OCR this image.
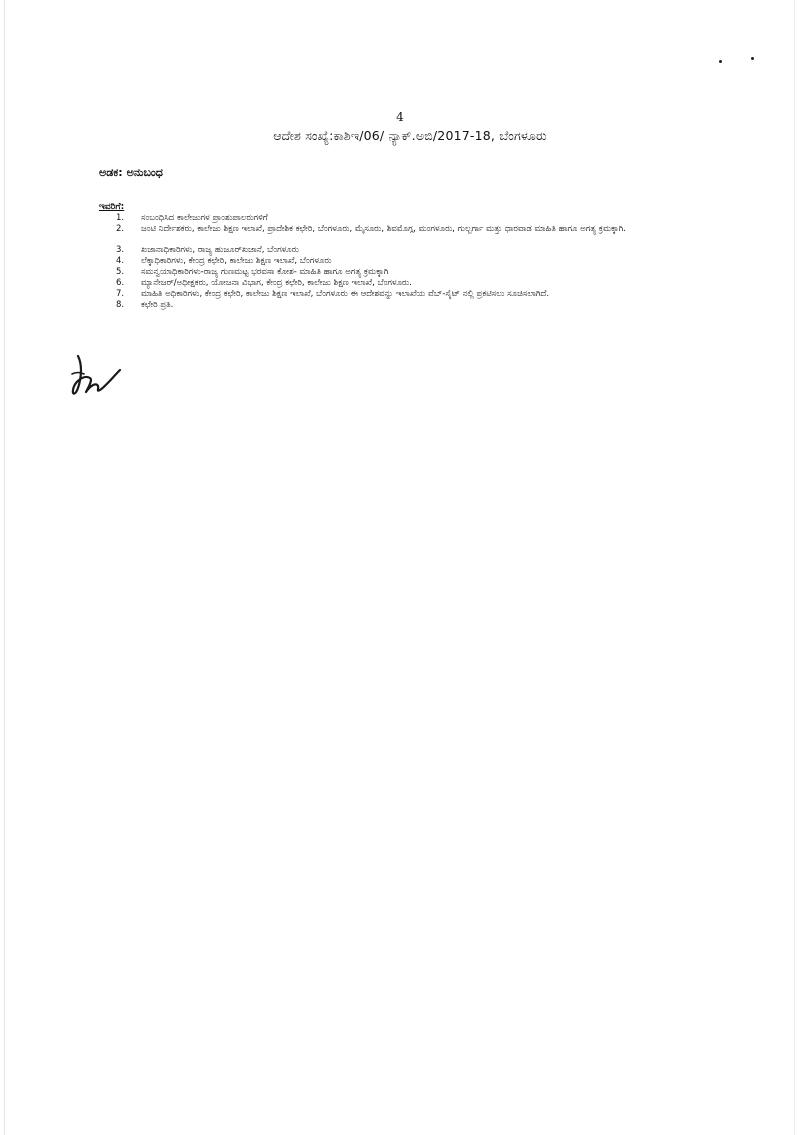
4
ಆದೇಶ ಸಂಖ್ಯೆ:ಕಾಶಿಇ/06/ ನ್ಯಾಕ್.ಅಬಿ/2017-18, ಬೆಂಗಳೂರು
ಅಡಕ: ಅನುಬಂಧ
ಇವರಿಗೆ:
1.	ಸಂಬಂಧಿಸಿದ ಕಾಲೇಜುಗಳ ಪ್ರಾಂಶುಪಾಲರುಗಳಿಗೆ
2.	ಜಂಟಿ ನಿರ್ದೇಶಕರು, ಕಾಲೇಜು ಶಿಕ್ಷಣ ಇಲಾಖೆ, ಪ್ರಾದೇಶಿಕ ಕಛೇರಿ, ಬೆಂಗಳೂರು, ಮೈಸೂರು, ಶಿವಮೊಗ್ಗ, ಮಂಗಳೂರು, ಗುಲ್ಬರ್ಗಾ ಮತ್ತು ಧಾರವಾಡ ಮಾಹಿತಿ ಹಾಗೂ ಅಗತ್ಯ ಕ್ರಮಕ್ಕಾಗಿ.
3.	ಖಜಾನಾಧಿಕಾರಿಗಳು, ರಾಜ್ಯ ಹುಜೂರ್‌ಖಜಾನೆ, ಬೆಂಗಳೂರು
4.	ಲೆಕ್ಕಾಧಿಕಾರಿಗಳು, ಕೇಂದ್ರ ಕಛೇರಿ, ಕಾಲೇಜು ಶಿಕ್ಷಣ ಇಲಾಖೆ, ಬೆಂಗಳೂರು
5.	ಸಮನ್ವಯಾಧಿಕಾರಿಗಳು-ರಾಜ್ಯ ಗುಣಮಟ್ಟ ಭರವಸಾ ಕೋಶ- ಮಾಹಿತಿ ಹಾಗೂ ಅಗತ್ಯ ಕ್ರಮಕ್ಕಾಗಿ
6.	ಮ್ಯಾನೇಜರ್/ಅಧೀಕ್ಷಕರು, ಯೋಜನಾ ವಿಭಾಗ, ಕೇಂದ್ರ ಕಛೇರಿ, ಕಾಲೇಜು ಶಿಕ್ಷಣ ಇಲಾಖೆ, ಬೆಂಗಳೂರು.
7.	ಮಾಹಿತಿ ಅಧಿಕಾರಿಗಳು, ಕೇಂದ್ರ ಕಛೇರಿ, ಕಾಲೇಜು ಶಿಕ್ಷಣ ಇಲಾಖೆ, ಬೆಂಗಳೂರು ಈ ಆದೇಶವನ್ನು ಇಲಾಖೆಯ ವೆಬ್-ಸೈಟ್ ನಲ್ಲಿ ಪ್ರಕಟಿಸಲು ಸೂಚಿಸಲಾಗಿದೆ.
8.	ಕಛೇರಿ ಪ್ರತಿ.
